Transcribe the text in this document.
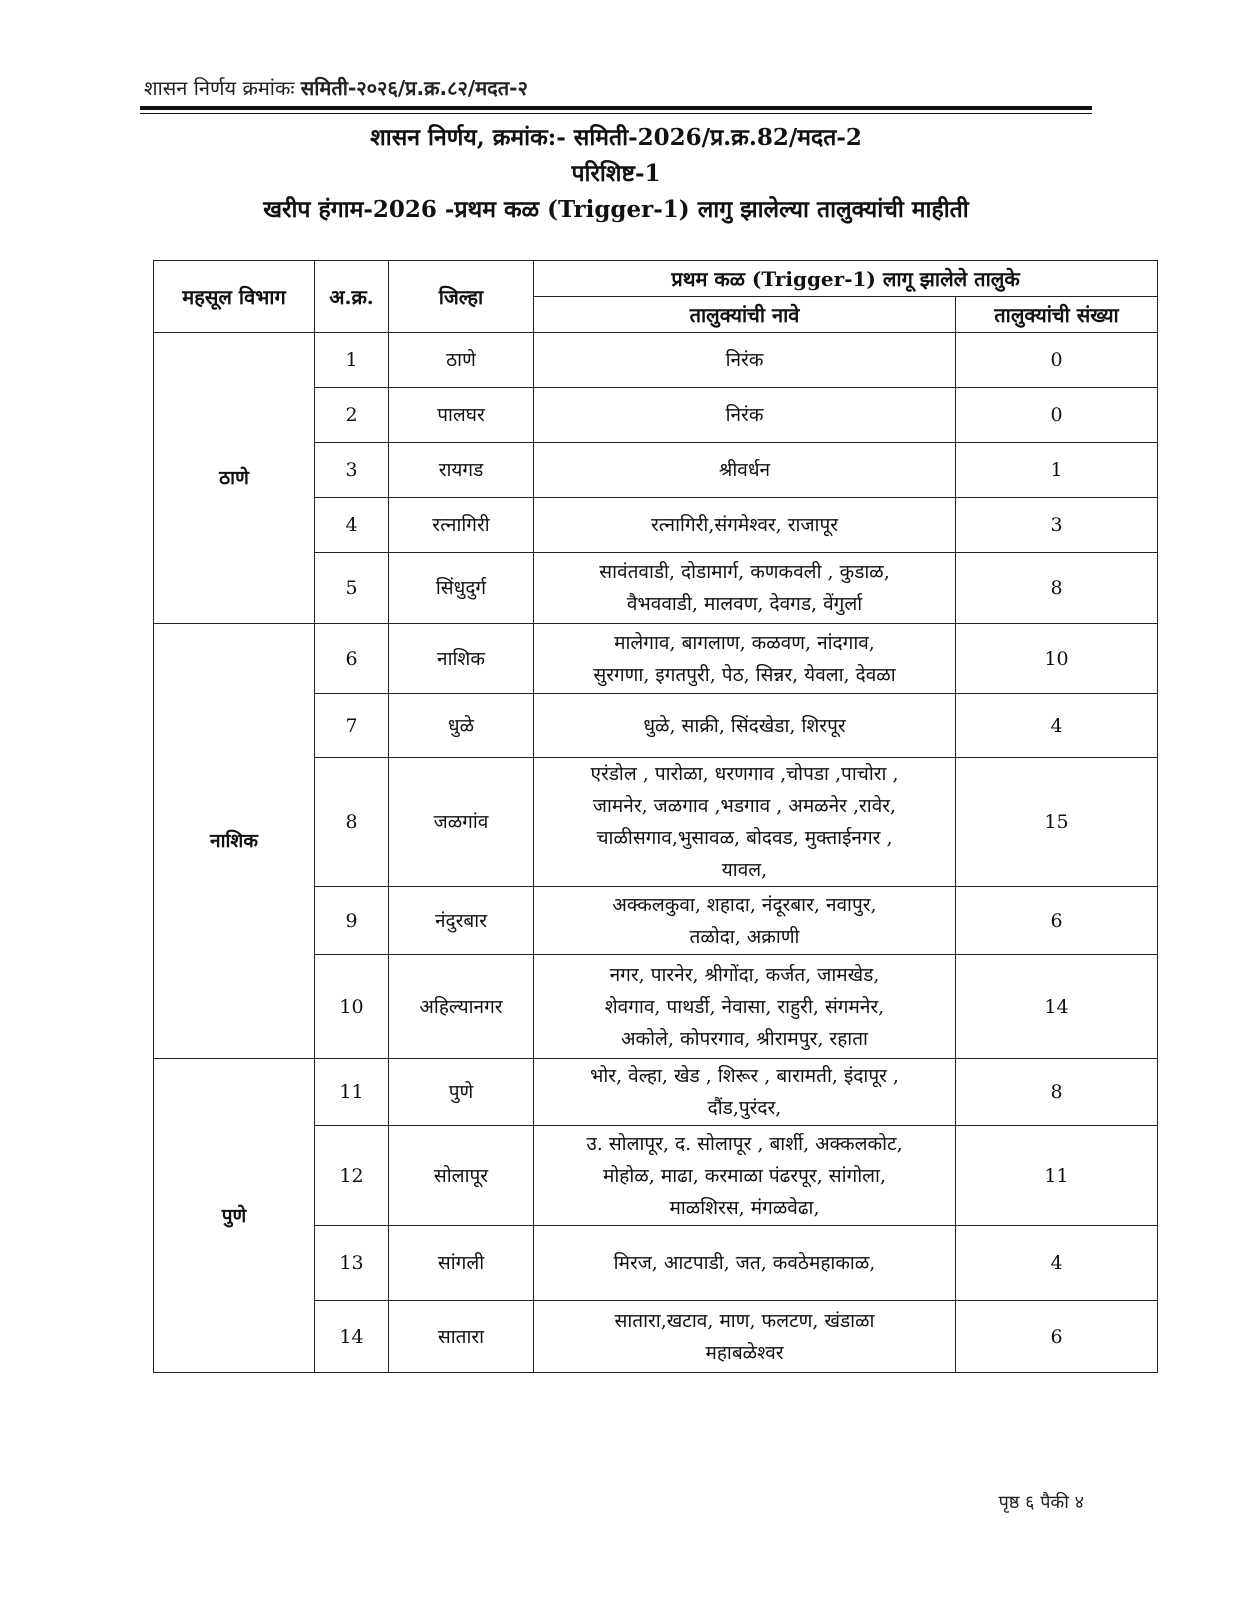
शासन निर्णय क्रमांकः समिती-२०२६/प्र.क्र.८२/मदत-२
शासन निर्णय, क्रमांक:- समिती-2026/प्र.क्र.82/मदत-2
परिशिष्ट-1
खरीप हंगाम-2026 -प्रथम कळ (Trigger-1) लागु झालेल्या तालुक्यांची माहीती
महसूल विभाग	अ.क्र.	जिल्हा	प्रथम कळ (Trigger-1) लागू झालेले तालुके	
			तालुक्यांची नावे	तालुक्यांची संख्या
ठाणे	1	ठाणे	निरंक	0
	2	पालघर	निरंक	0
	3	रायगड	श्रीवर्धन	1
	4	रत्नागिरी	रत्नागिरी,संगमेश्वर, राजापूर	3
	5	सिंधुदुर्ग	सावंतवाडी, दोडामार्ग, कणकवली , कुडाळ,
वैभववाडी, मालवण, देवगड, वेंगुर्ला	8
नाशिक	6	नाशिक	मालेगाव, बागलाण, कळवण, नांदगाव,
सुरगणा, इगतपुरी, पेठ, सिन्नर, येवला, देवळा	10
	7	धुळे	धुळे, साक्री, सिंदखेडा, शिरपूर	4
	8	जळगांव	एरंडोल , पारोळा, धरणगाव ,चोपडा ,पाचोरा ,
जामनेर, जळगाव ,भडगाव , अमळनेर ,रावेर,
चाळीसगाव,भुसावळ, बोदवड, मुक्ताईनगर ,
यावल,	15
	9	नंदुरबार	अक्कलकुवा, शहादा, नंदूरबार, नवापुर,
तळोदा, अक्राणी	6
	10	अहिल्यानगर	नगर, पारनेर, श्रीगोंदा, कर्जत, जामखेड,
शेवगाव, पाथर्डी, नेवासा, राहुरी, संगमनेर,
अकोले, कोपरगाव, श्रीरामपुर, रहाता	14
पुणे	11	पुणे	भोर, वेल्हा, खेड , शिरूर , बारामती, इंदापूर ,
दौंड,पुरंदर,	8
	12	सोलापूर	उ. सोलापूर, द. सोलापूर , बार्शी, अक्कलकोट,
मोहोळ, माढा, करमाळा पंढरपूर, सांगोला,
माळशिरस, मंगळवेढा,	11
	13	सांगली	मिरज, आटपाडी, जत, कवठेमहाकाळ,	4
	14	सातारा	सातारा,खटाव, माण, फलटण, खंडाळा
महाबळेश्वर	6
पृष्ठ ६ पैकी ४
